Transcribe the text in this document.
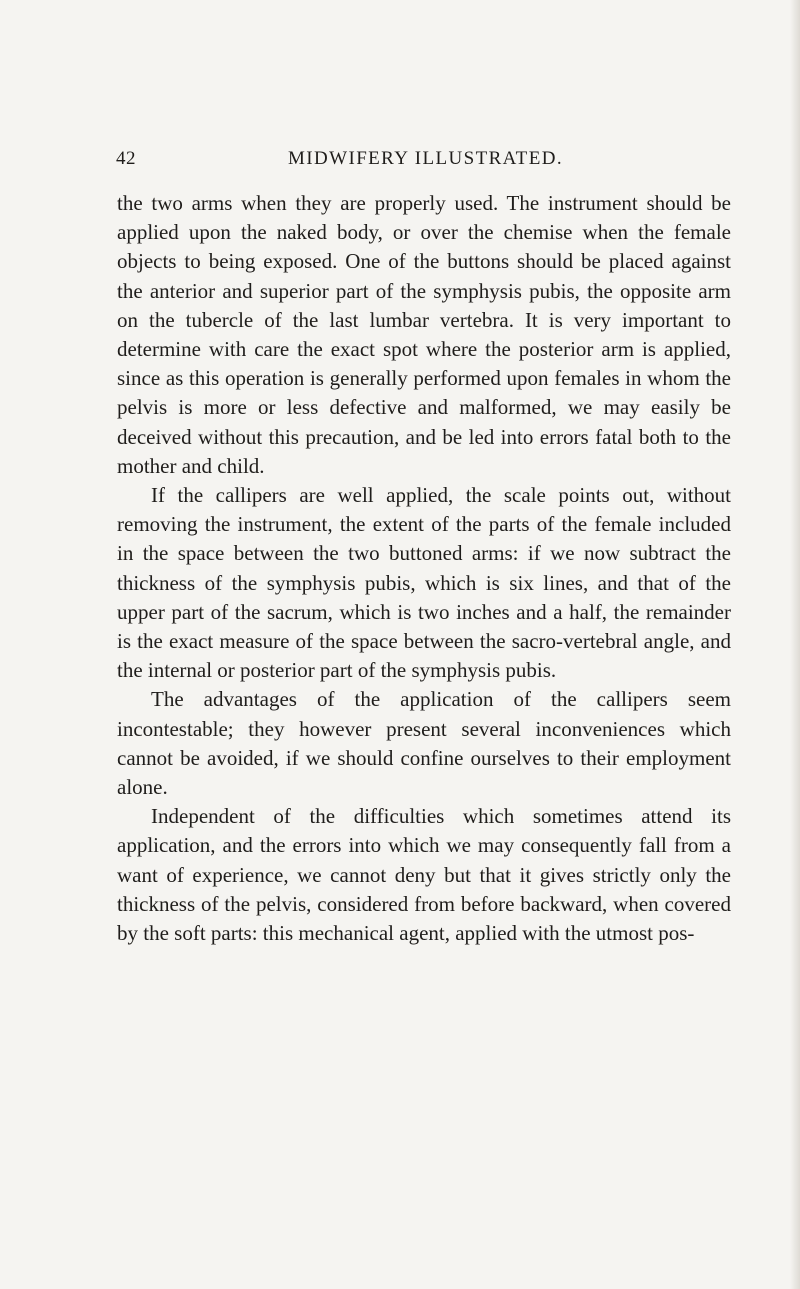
42	MIDWIFERY ILLUSTRATED.

the two arms when they are properly used. The instrument should be applied upon the naked body, or over the chemise when the female objects to being exposed. One of the buttons should be placed against the anterior and superior part of the symphysis pubis, the opposite arm on the tubercle of the last lumbar vertebra. It is very important to determine with care the exact spot where the posterior arm is applied, since as this operation is generally performed upon females in whom the pelvis is more or less defective and malformed, we may easily be deceived without this precaution, and be led into errors fatal both to the mother and child.

If the callipers are well applied, the scale points out, without removing the instrument, the extent of the parts of the female included in the space between the two buttoned arms: if we now subtract the thickness of the symphysis pubis, which is six lines, and that of the upper part of the sacrum, which is two inches and a half, the remainder is the exact measure of the space between the sacro-vertebral angle, and the internal or posterior part of the symphysis pubis.

The advantages of the application of the callipers seem incontestable; they however present several inconveniences which cannot be avoided, if we should confine ourselves to their employment alone.

Independent of the difficulties which sometimes attend its application, and the errors into which we may consequently fall from a want of experience, we cannot deny but that it gives strictly only the thickness of the pelvis, considered from before backward, when covered by the soft parts: this mechanical agent, applied with the utmost pos-
